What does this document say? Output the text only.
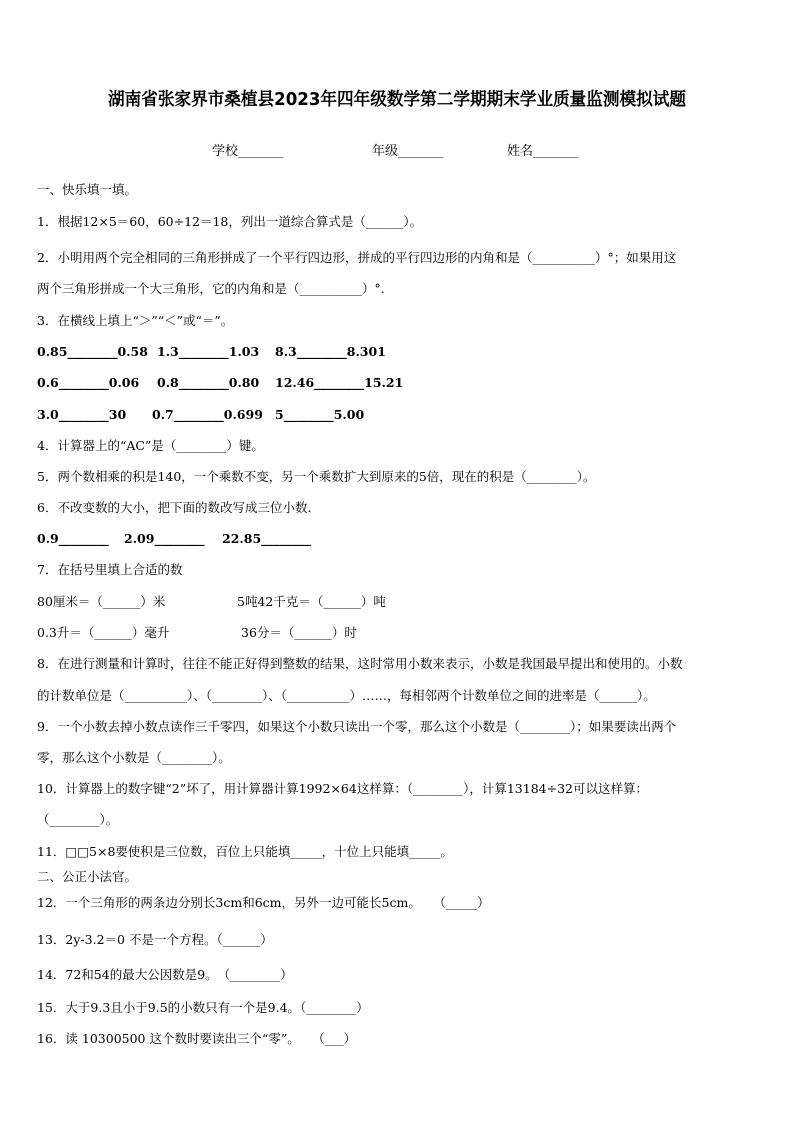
湖南省张家界市桑植县2023年四年级数学第二学期期末学业质量监测模拟试题
学校_______	年级_______	姓名_______
一、快乐填一填。
1．根据12×5＝60，60÷12＝18，列出一道综合算式是（______）。
2．小明用两个完全相同的三角形拼成了一个平行四边形，拼成的平行四边形的内角和是（__________）°；如果用这
两个三角形拼成一个大三角形，它的内角和是（__________）°.
3．在横线上填上“＞”“＜”或“＝”。
0.85________0.58 1.3________1.03 8.3________8.301
0.6________0.06 0.8________0.80 12.46________15.21
3.0________30 0.7________0.699 5________5.00
4．计算器上的“AC”是（________）键。
5．两个数相乘的积是140，一个乘数不变，另一个乘数扩大到原来的5倍，现在的积是（________）。
6．不改变数的大小，把下面的数改写成三位小数.
0.9________ 2.09________ 22.85________
7．在括号里填上合适的数
80厘米＝（______）米	5吨42千克＝（______）吨
0.3升＝（______）毫升	36分＝（______）时
8．在进行测量和计算时，往往不能正好得到整数的结果，这时常用小数来表示，小数是我国最早提出和使用的。小数
的计数单位是（__________）、（________）、（__________）……，每相邻两个计数单位之间的进率是（______）。
9．一个小数去掉小数点读作三千零四，如果这个小数只读出一个零，那么这个小数是（________）；如果要读出两个
零，那么这个小数是（________）。
10．计算器上的数字键“2”坏了，用计算器计算1992×64这样算：（________），计算13184÷32可以这样算：
（________）。
11．□□5×8要使积是三位数，百位上只能填_____，十位上只能填_____。
二、公正小法官。
12．一个三角形的两条边分别长3cm和6cm，另外一边可能长5cm。　　（_____）
13．2y-3.2＝0 不是一个方程。（______）
14．72和54的最大公因数是9。　（________）
15．大于9.3且小于9.5的小数只有一个是9.4。（________）
16．读 10300500 这个数时要读出三个“零”。　　（___）
